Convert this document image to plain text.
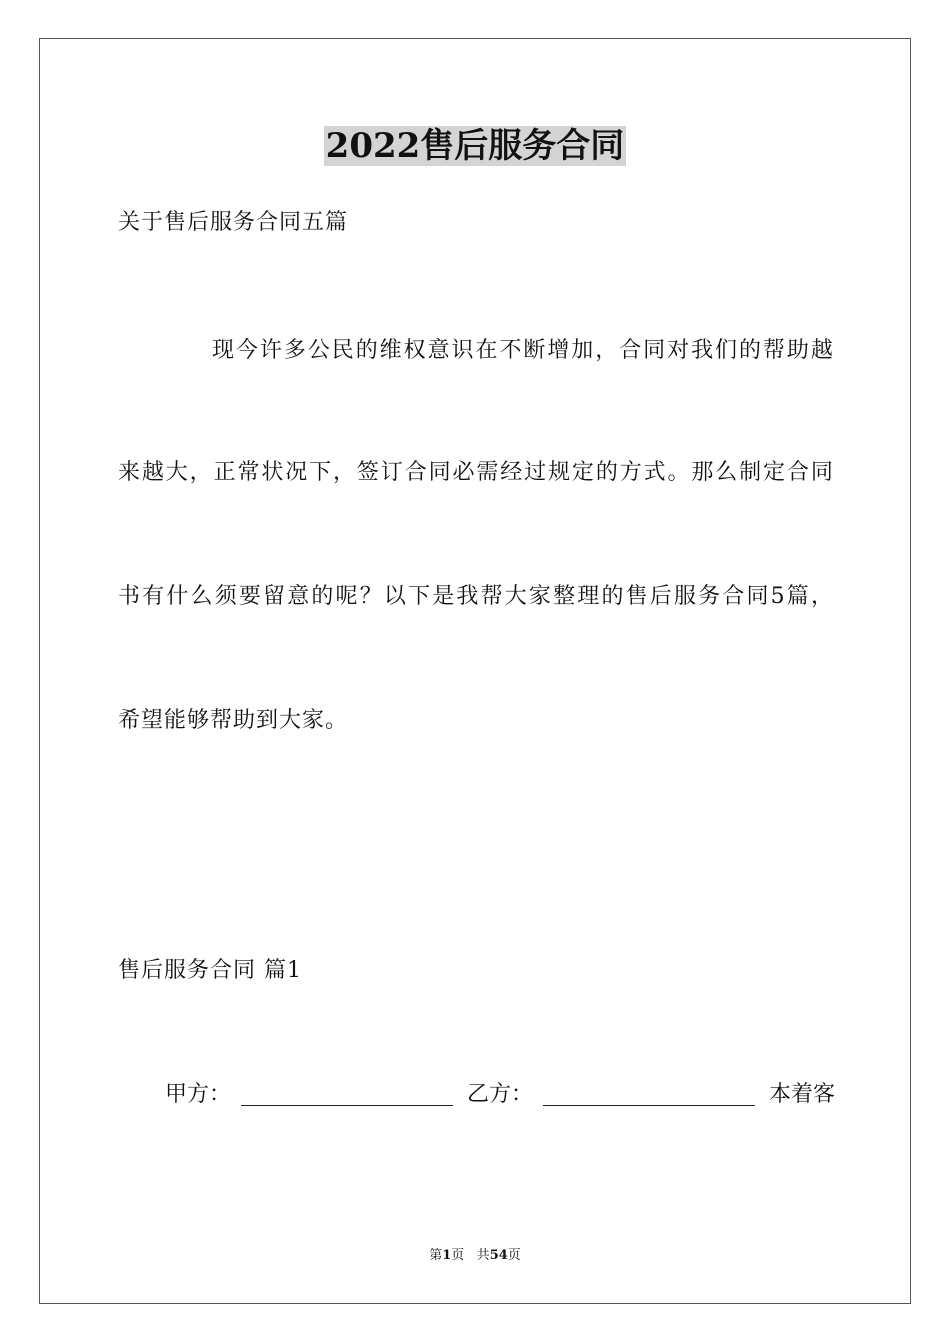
2022售后服务合同
关于售后服务合同五篇
现 今 许 多 公 民 的 维 权 意 识 在 不 断 增 加 ， 合 同 对 我 们 的 帮 助 越
来 越 大 ， 正 常 状 况 下 ， 签 订 合 同 必 需 经 过 规 定 的 方 式 。 那 么 制 定 合 同
书 有 什 么 须 要 留 意 的 呢 ？ 以 下 是 我 帮 大 家 整 理 的 售 后 服 务 合 同 5 篇 ，
希望能够帮助到大家。
售后服务合同 篇1
甲方：	乙方：	本着客
第1页 共54页
